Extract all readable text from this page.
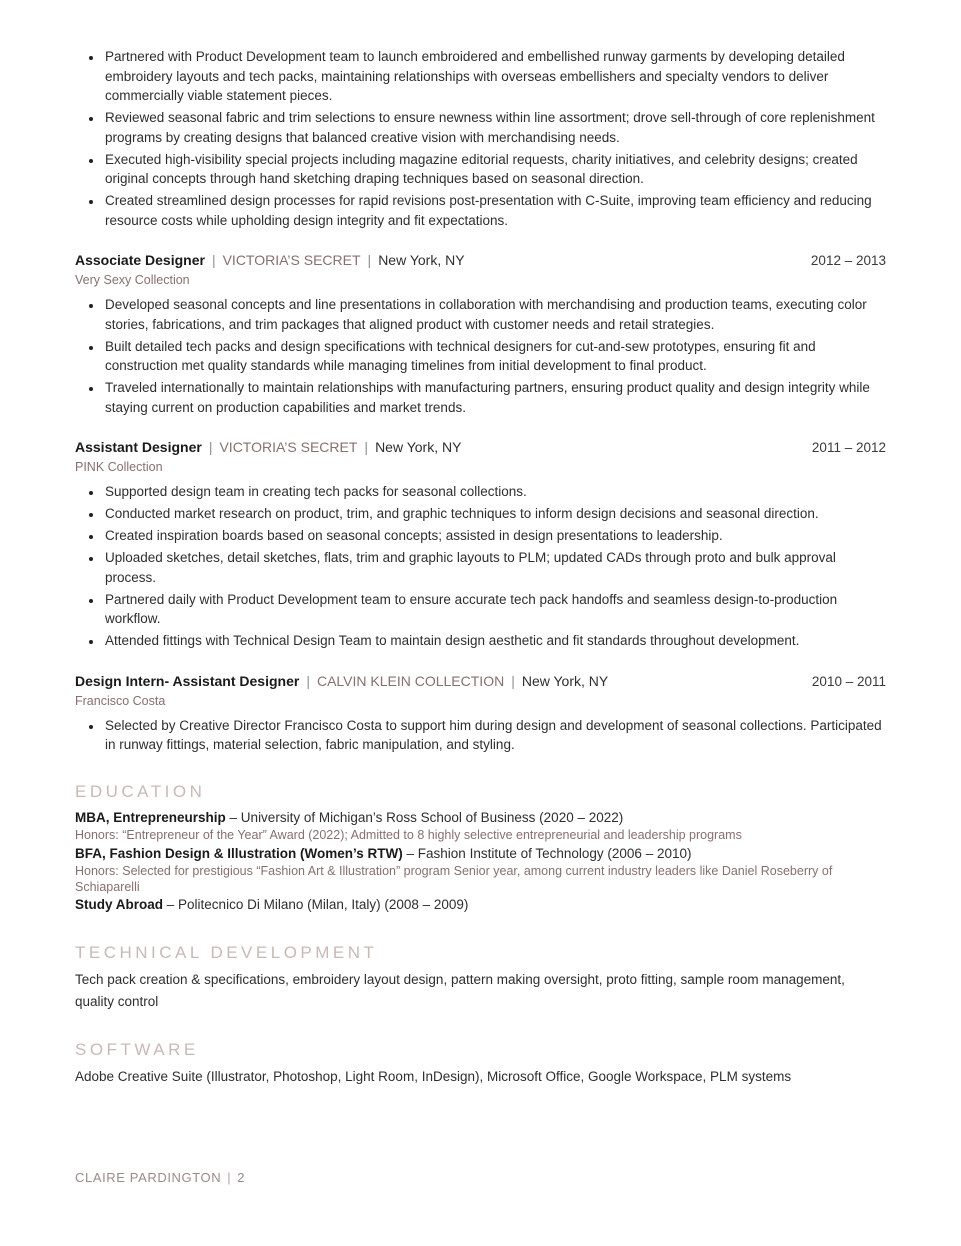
• Partnered with Product Development team to launch embroidered and embellished runway garments by developing detailed embroidery layouts and tech packs, maintaining relationships with overseas embellishers and specialty vendors to deliver commercially viable statement pieces.
• Reviewed seasonal fabric and trim selections to ensure newness within line assortment; drove sell-through of core replenishment programs by creating designs that balanced creative vision with merchandising needs.
• Executed high-visibility special projects including magazine editorial requests, charity initiatives, and celebrity designs; created original concepts through hand sketching draping techniques based on seasonal direction.
• Created streamlined design processes for rapid revisions post-presentation with C-Suite, improving team efficiency and reducing resource costs while upholding design integrity and fit expectations.
Associate Designer | VICTORIA’S SECRET | New York, NY	2012 – 2013
Very Sexy Collection
• Developed seasonal concepts and line presentations in collaboration with merchandising and production teams, executing color stories, fabrications, and trim packages that aligned product with customer needs and retail strategies.
• Built detailed tech packs and design specifications with technical designers for cut-and-sew prototypes, ensuring fit and construction met quality standards while managing timelines from initial development to final product.
• Traveled internationally to maintain relationships with manufacturing partners, ensuring product quality and design integrity while staying current on production capabilities and market trends.
Assistant Designer | VICTORIA’S SECRET | New York, NY	2011 – 2012
PINK Collection
• Supported design team in creating tech packs for seasonal collections.
• Conducted market research on product, trim, and graphic techniques to inform design decisions and seasonal direction.
• Created inspiration boards based on seasonal concepts; assisted in design presentations to leadership.
• Uploaded sketches, detail sketches, flats, trim and graphic layouts to PLM; updated CADs through proto and bulk approval process.
• Partnered daily with Product Development team to ensure accurate tech pack handoffs and seamless design-to-production workflow.
• Attended fittings with Technical Design Team to maintain design aesthetic and fit standards throughout development.
Design Intern- Assistant Designer | CALVIN KLEIN COLLECTION | New York, NY	2010 – 2011
Francisco Costa
• Selected by Creative Director Francisco Costa to support him during design and development of seasonal collections. Participated in runway fittings, material selection, fabric manipulation, and styling.
EDUCATION

MBA, Entrepreneurship – University of Michigan’s Ross School of Business (2020 – 2022)

Honors: “Entrepreneur of the Year” Award (2022); Admitted to 8 highly selective entrepreneurial and leadership programs

BFA, Fashion Design & Illustration (Women’s RTW) – Fashion Institute of Technology (2006 – 2010)

Honors: Selected for prestigious “Fashion Art & Illustration” program Senior year, among current industry leaders like Daniel Roseberry of Schiaparelli

Study Abroad – Politecnico Di Milano (Milan, Italy) (2008 – 2009)

TECHNICAL DEVELOPMENT

Tech pack creation & specifications, embroidery layout design, pattern making oversight, proto fitting, sample room management, quality control

SOFTWARE

Adobe Creative Suite (Illustrator, Photoshop, Light Room, InDesign), Microsoft Office, Google Workspace, PLM systems

CLAIRE PARDINGTON | 2
